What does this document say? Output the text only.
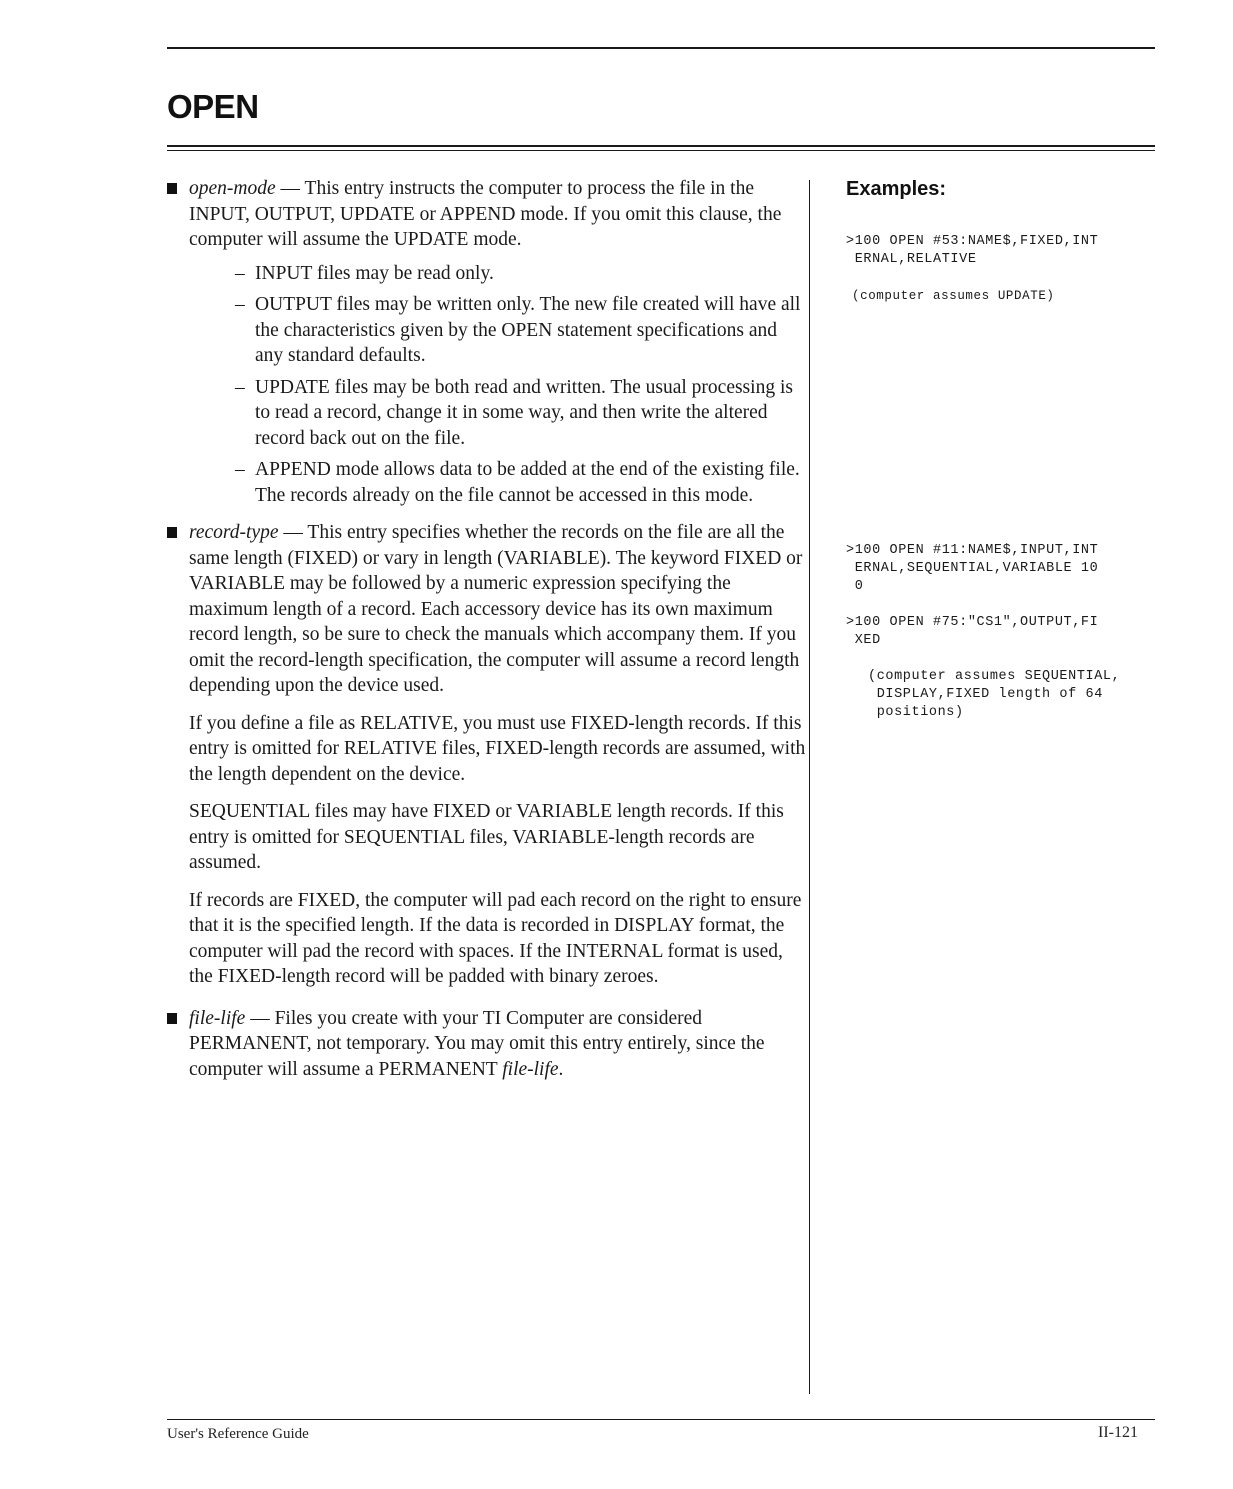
OPEN

open-mode — This entry instructs the computer to process the file in the INPUT, OUTPUT, UPDATE or APPEND mode. If you omit this clause, the computer will assume the UPDATE mode.

– INPUT files may be read only.
– OUTPUT files may be written only. The new file created will have all the characteristics given by the OPEN statement specifications and any standard defaults.
– UPDATE files may be both read and written. The usual processing is to read a record, change it in some way, and then write the altered record back out on the file.
– APPEND mode allows data to be added at the end of the existing file. The records already on the file cannot be accessed in this mode.

record-type — This entry specifies whether the records on the file are all the same length (FIXED) or vary in length (VARIABLE). The keyword FIXED or VARIABLE may be followed by a numeric expression specifying the maximum length of a record. Each accessory device has its own maximum record length, so be sure to check the manuals which accompany them. If you omit the record-length specification, the computer will assume a record length depending upon the device used.

If you define a file as RELATIVE, you must use FIXED-length records. If this entry is omitted for RELATIVE files, FIXED-length records are assumed, with the length dependent on the device.

SEQUENTIAL files may have FIXED or VARIABLE length records. If this entry is omitted for SEQUENTIAL files, VARIABLE-length records are assumed.

If records are FIXED, the computer will pad each record on the right to ensure that it is the specified length. If the data is recorded in DISPLAY format, the computer will pad the record with spaces. If the INTERNAL format is used, the FIXED-length record will be padded with binary zeroes.

file-life — Files you create with your TI Computer are considered PERMANENT, not temporary. You may omit this entry entirely, since the computer will assume a PERMANENT file-life.

Examples:
>100 OPEN #53:NAME$,FIXED,INT
ERNAL,RELATIVE
(computer assumes UPDATE)
>100 OPEN #11:NAME$,INPUT,INT
ERNAL,SEQUENTIAL,VARIABLE 10
0
>100 OPEN #75:"CS1",OUTPUT,FI
XED
(computer assumes SEQUENTIAL,
DISPLAY,FIXED length of 64
positions)
User's Reference Guide	II-121
